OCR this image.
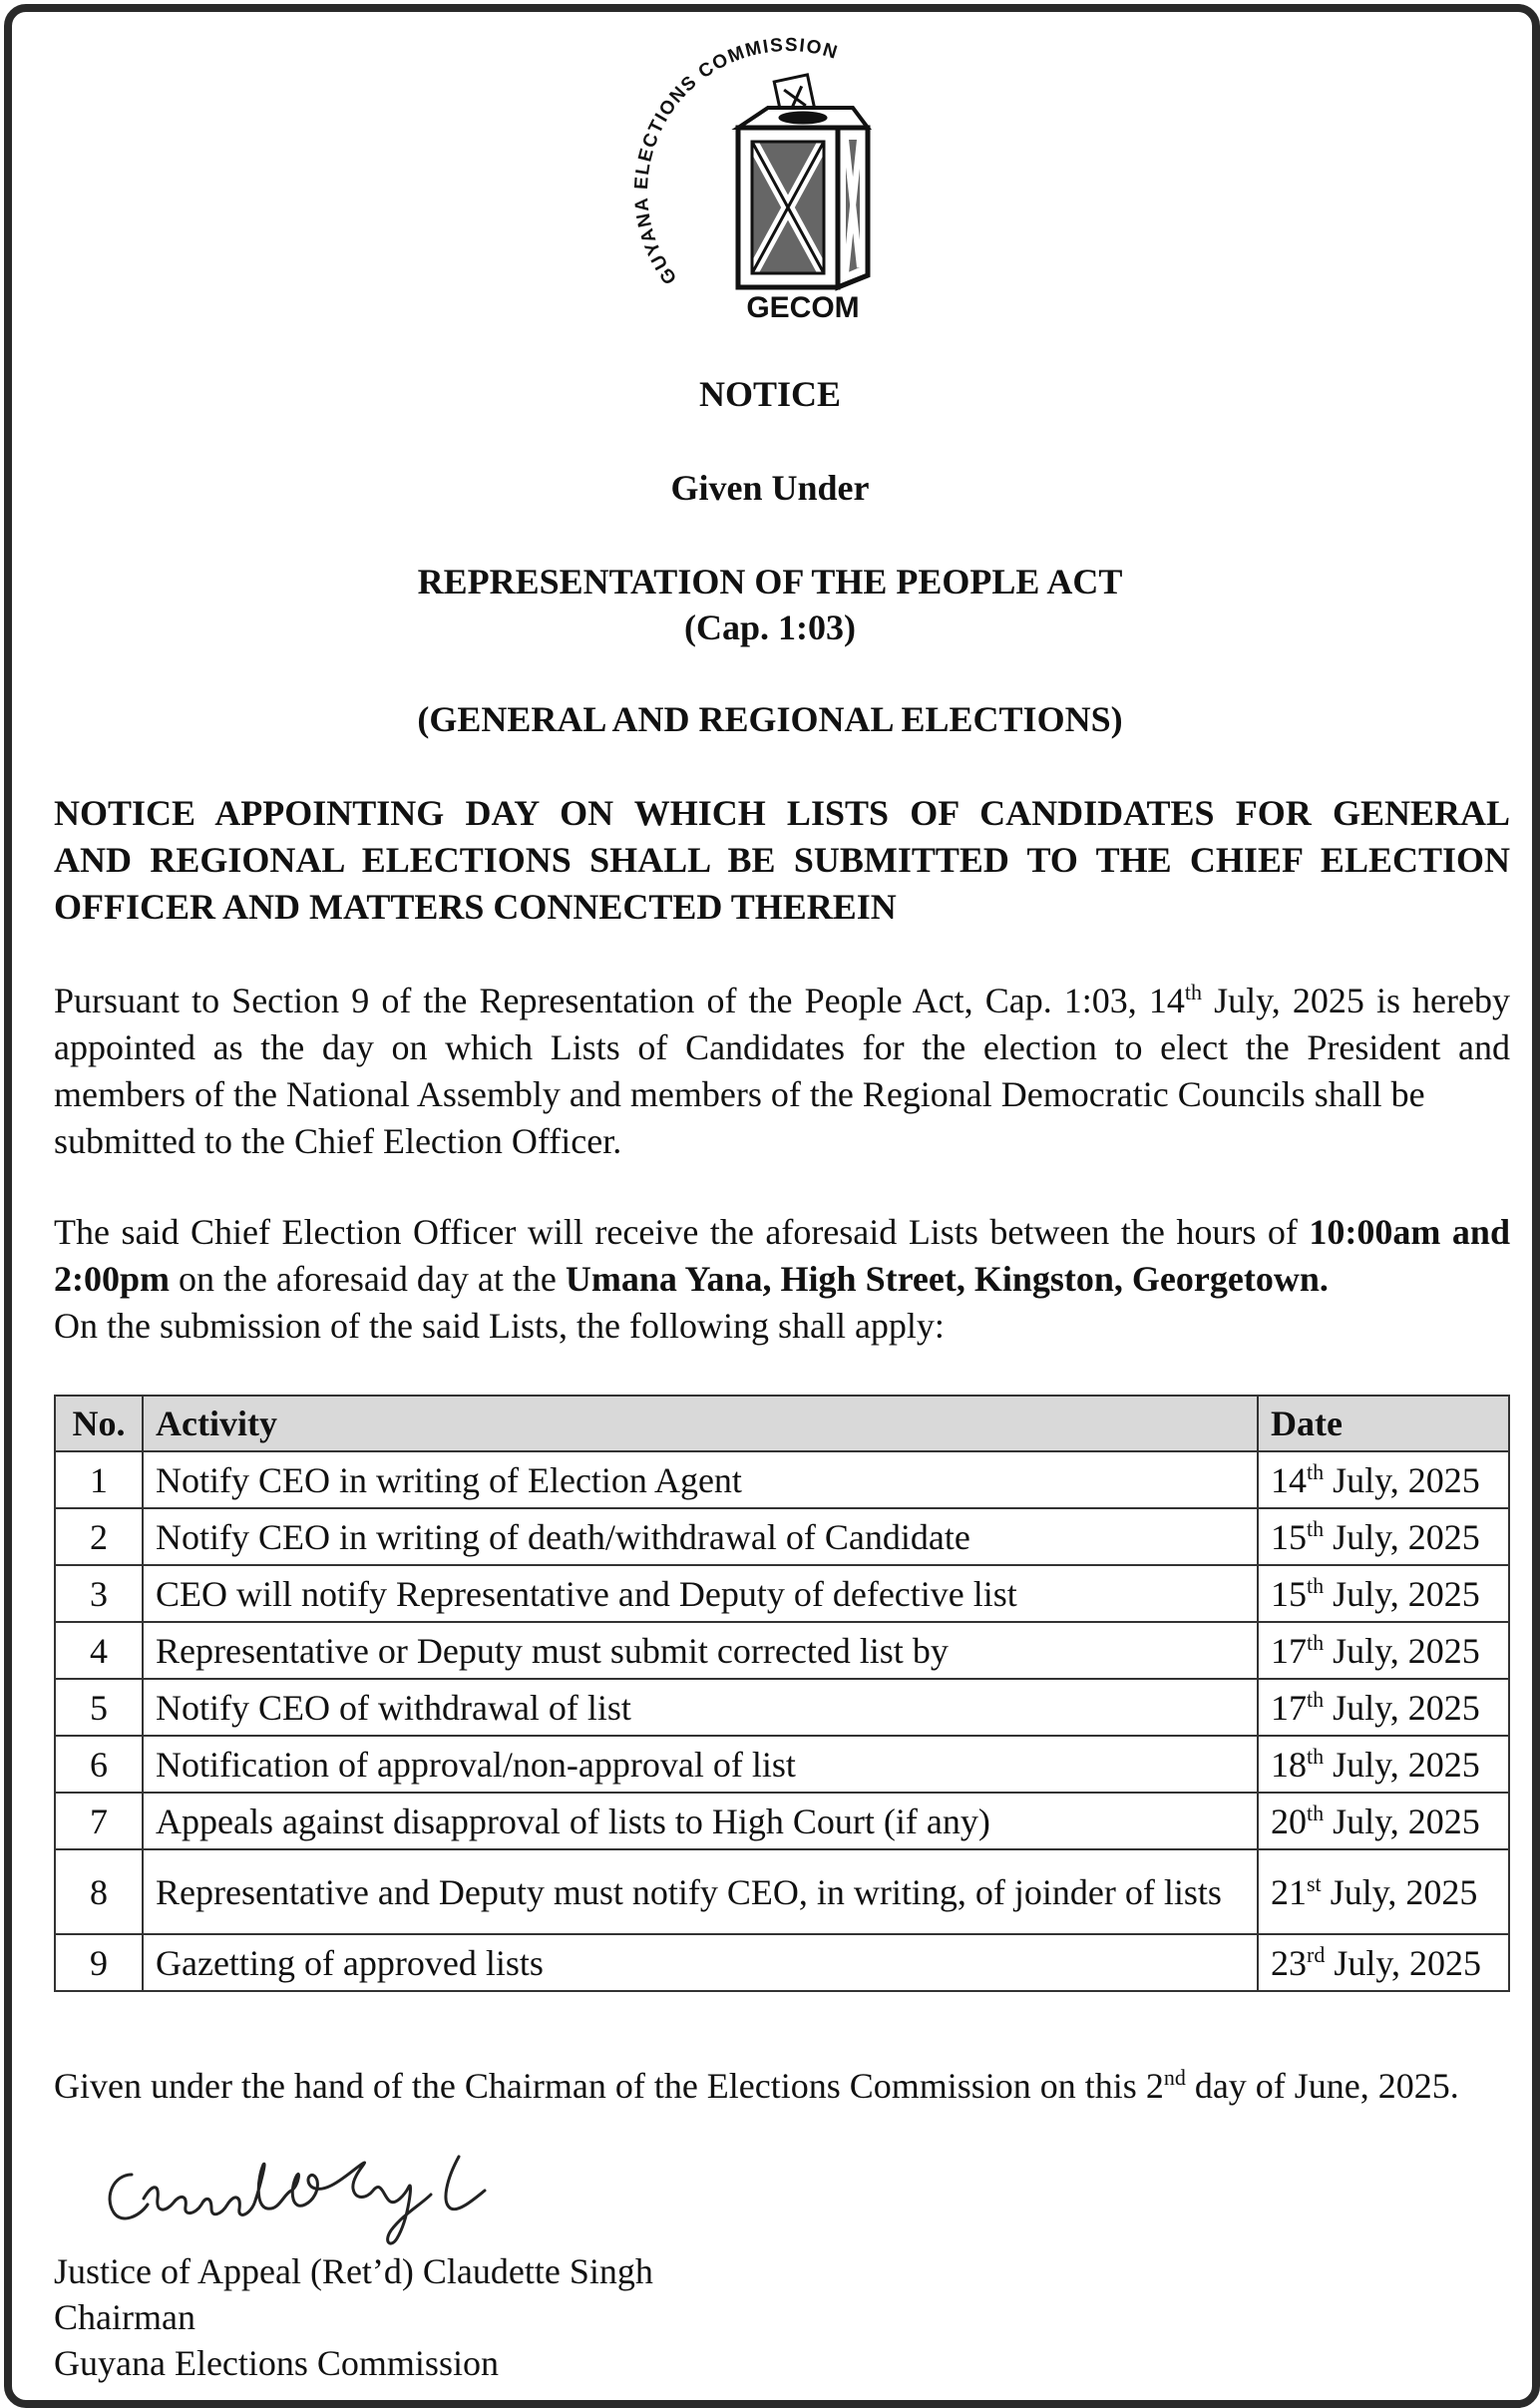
GUYANA ELECTIONS COMMISSION
GECOM
NOTICE
Given Under
REPRESENTATION OF THE PEOPLE ACT
(Cap. 1:03)
(GENERAL AND REGIONAL ELECTIONS)
NOTICE APPOINTING DAY ON WHICH LISTS OF CANDIDATES FOR GENERAL
AND REGIONAL ELECTIONS SHALL BE SUBMITTED TO THE CHIEF ELECTION
OFFICER AND MATTERS CONNECTED THEREIN
Pursuant to Section 9 of the Representation of the People Act, Cap. 1:03, 14th July, 2025 is hereby appointed as the day on which Lists of Candidates for the election to elect the President and members of the National Assembly and members of the Regional Democratic Councils shall be
submitted to the Chief Election Officer.
The said Chief Election Officer will receive the aforesaid Lists between the hours of 10:00am and 2:00pm on the aforesaid day at the Umana Yana, High Street, Kingston, Georgetown.
On the submission of the said Lists, the following shall apply:
No.	Activity	Date
1	Notify CEO in writing of Election Agent	14th July, 2025
2	Notify CEO in writing of death/withdrawal of Candidate	15th July, 2025
3	CEO will notify Representative and Deputy of defective list	15th July, 2025
4	Representative or Deputy must submit corrected list by	17th July, 2025
5	Notify CEO of withdrawal of list	17th July, 2025
6	Notification of approval/non-approval of list	18th July, 2025
7	Appeals against disapproval of lists to High Court (if any)	20th July, 2025
8	Representative and Deputy must notify CEO, in writing, of joinder of lists	21st July, 2025
9	Gazetting of approved lists	23rd July, 2025
Given under the hand of the Chairman of the Elections Commission on this 2nd day of June, 2025.
Justice of Appeal (Ret’d) Claudette Singh
Chairman
Guyana Elections Commission
